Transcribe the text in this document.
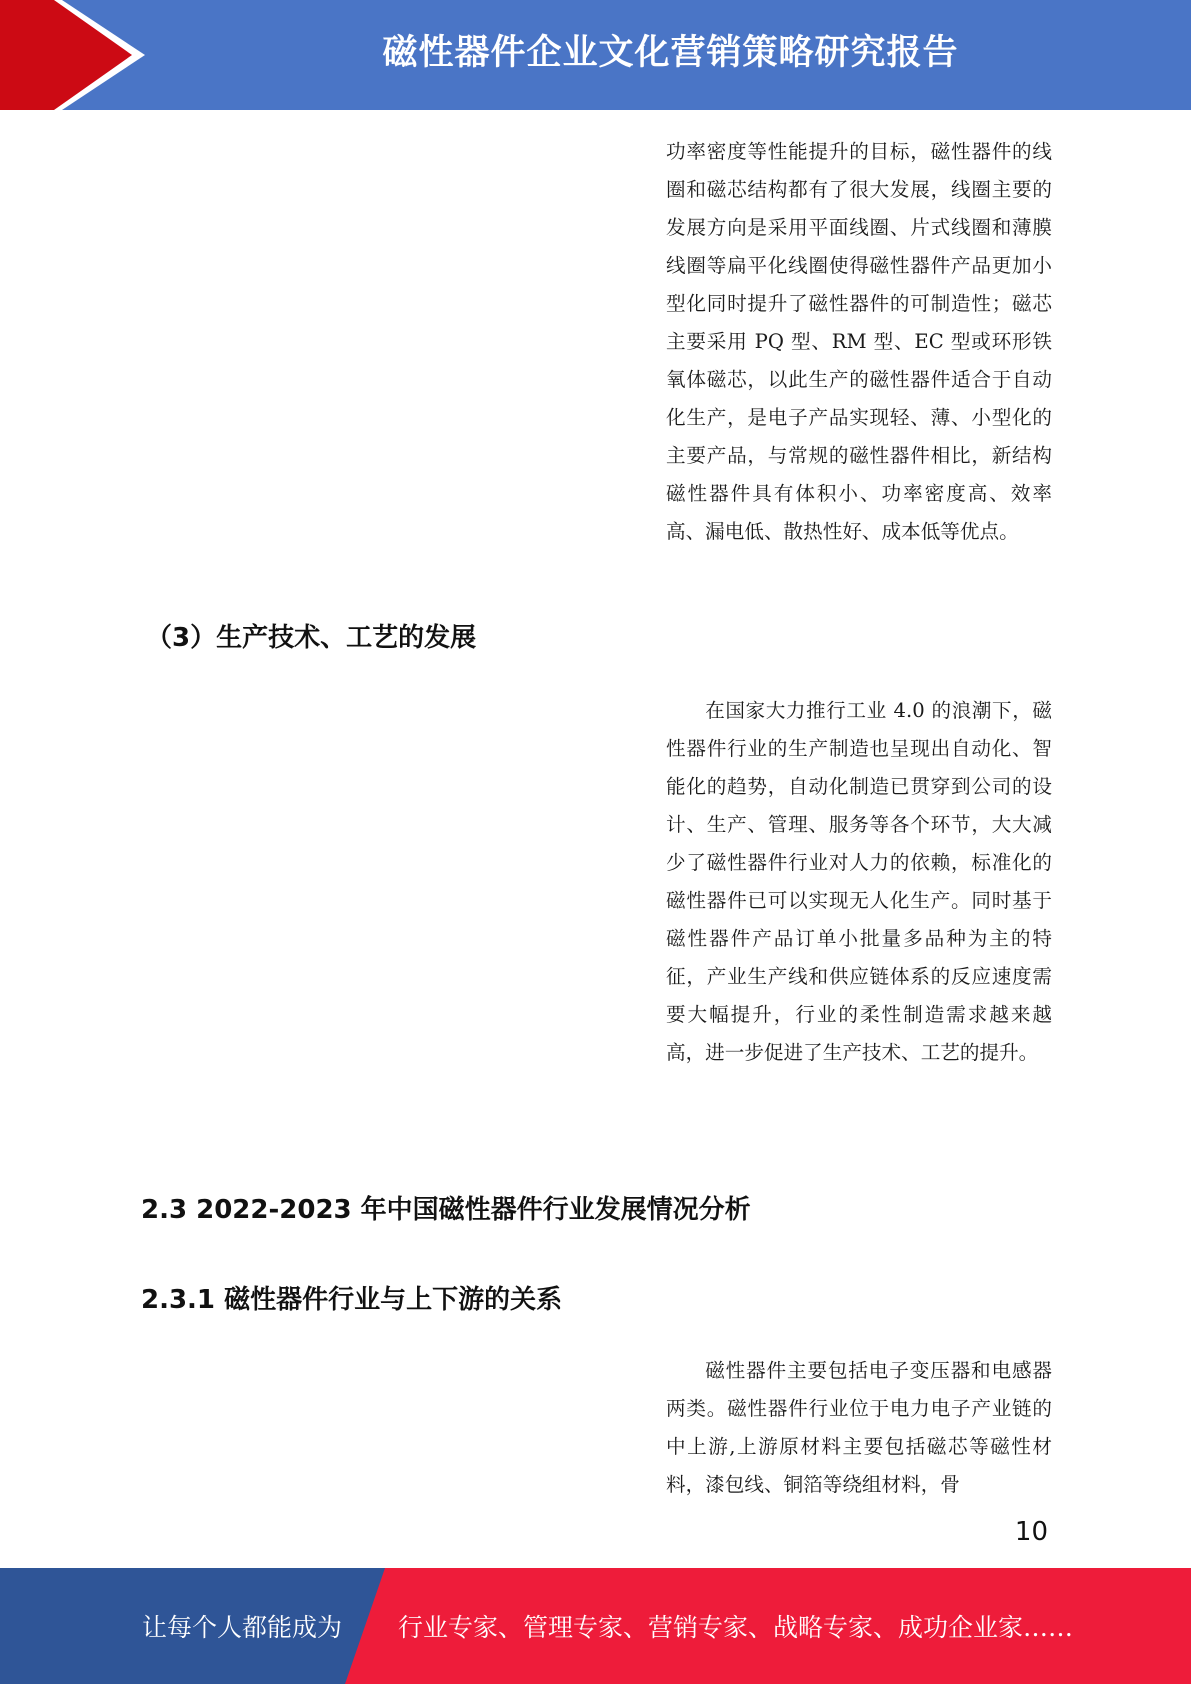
磁性器件企业文化营销策略研究报告

功率密度等性能提升的目标，磁性器件的线圈和磁芯结构都有了很大发展，线圈主要的发展方向是采用平面线圈、片式线圈和薄膜线圈等扁平化线圈使得磁性器件产品更加小型化同时提升了磁性器件的可制造性；磁芯主要采用 PQ 型、RM 型、EC 型或环形铁氧体磁芯，以此生产的磁性器件适合于自动化生产，是电子产品实现轻、薄、小型化的主要产品，与常规的磁性器件相比，新结构磁性器件具有体积小、功率密度高、效率高、漏电低、散热性好、成本低等优点。

（3）生产技术、工艺的发展

在国家大力推行工业 4.0 的浪潮下，磁性器件行业的生产制造也呈现出自动化、智能化的趋势，自动化制造已贯穿到公司的设计、生产、管理、服务等各个环节，大大减少了磁性器件行业对人力的依赖，标准化的磁性器件已可以实现无人化生产。同时基于磁性器件产品订单小批量多品种为主的特征，产业生产线和供应链体系的反应速度需要大幅提升，行业的柔性制造需求越来越高，进一步促进了生产技术、工艺的提升。

2.3 2022-2023 年中国磁性器件行业发展情况分析
2.3.1 磁性器件行业与上下游的关系

磁性器件主要包括电子变压器和电感器两类。磁性器件行业位于电力电子产业链的中上游,上游原材料主要包括磁芯等磁性材料，漆包线、铜箔等绕组材料，骨

10
让每个人都能成为 行业专家、管理专家、营销专家、战略专家、成功企业家……
